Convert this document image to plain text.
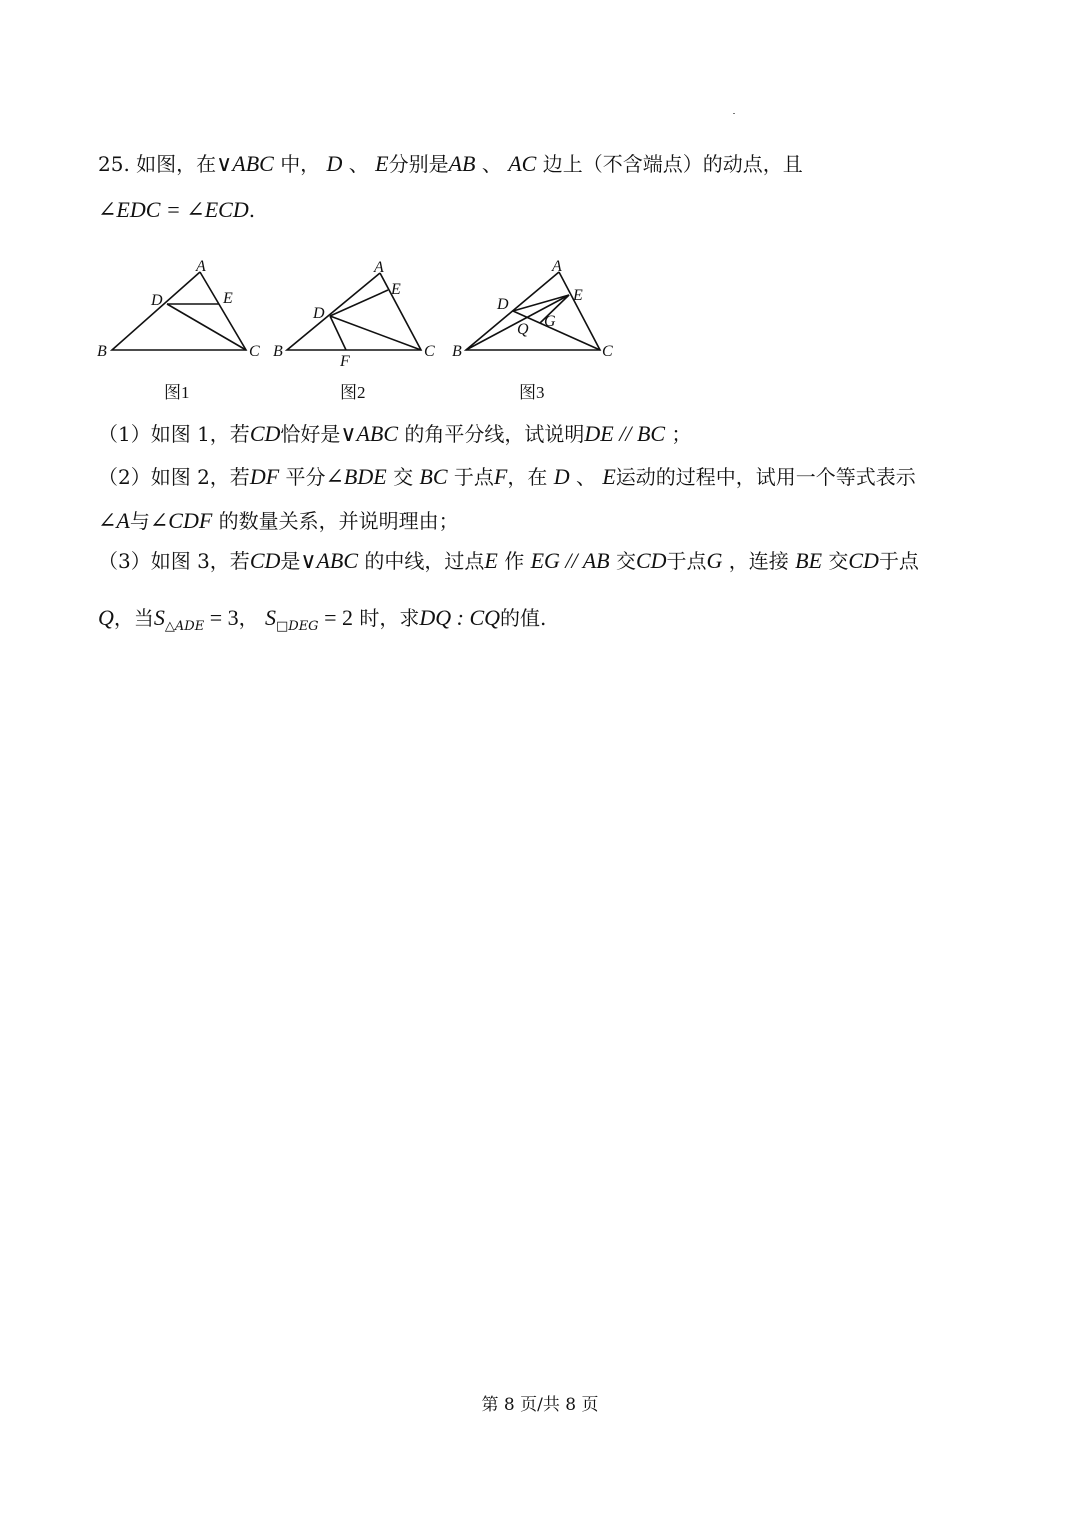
25. 如图，在∨ABC 中， D 、 E分别是AB 、 AC 边上（不含端点）的动点，且
∠EDC = ∠ECD.
A
B	C
D	E
A
B	C
D
E
F
A
B	C
D
E
G
Q
图1	图2	图3
（1）如图 1，若CD恰好是∨ABC 的角平分线，试说明DE // BC ；
（2）如图 2，若DF 平分∠BDE 交 BC 于点F，在 D 、 E运动的过程中，试用一个等式表示
∠A与∠CDF 的数量关系，并说明理由；
（3）如图 3，若CD是∨ABC 的中线，过点E 作 EG // AB 交CD于点G ，连接 BE 交CD于点
Q，当$S_{\triangle ADE} = 3$， $S_{□DEG} = 2$ 时，求DQ : CQ的值.
第 8 页/共 8 页
